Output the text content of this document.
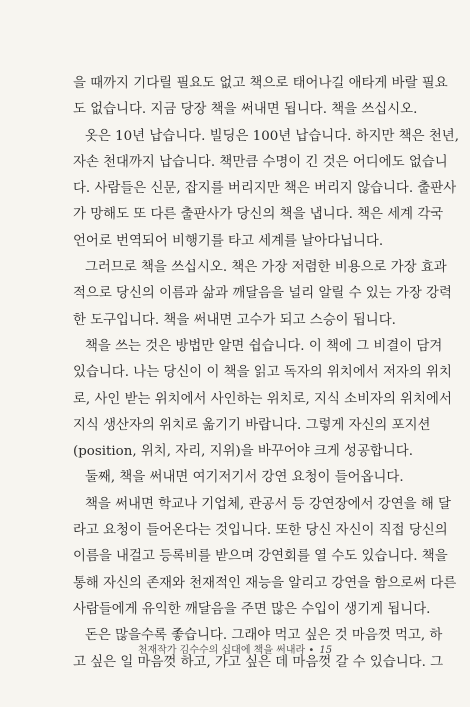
을 때까지 기다릴 필요도 없고 책으로 태어나길 애타게 바랄 필요
도 없습니다. 지금 당장 책을 써내면 됩니다. 책을 쓰십시오.
옷은 10년 납습니다. 빌딩은 100년 납습니다. 하지만 책은 천년,
자손 천대까지 납습니다. 책만큼 수명이 긴 것은 어디에도 없습니
다. 사람들은 신문, 잡지를 버리지만 책은 버리지 않습니다. 출판사
가 망해도 또 다른 출판사가 당신의 책을 냅니다. 책은 세계 각국
언어로 번역되어 비행기를 타고 세계를 날아다닙니다.
그러므로 책을 쓰십시오. 책은 가장 저렴한 비용으로 가장 효과
적으로 당신의 이름과 삶과 깨달음을 널리 알릴 수 있는 가장 강력
한 도구입니다. 책을 써내면 고수가 되고 스승이 됩니다.
책을 쓰는 것은 방법만 알면 쉽습니다. 이 책에 그 비결이 담겨
있습니다. 나는 당신이 이 책을 읽고 독자의 위치에서 저자의 위치
로, 사인 받는 위치에서 사인하는 위치로, 지식 소비자의 위치에서
지식 생산자의 위치로 옮기기 바랍니다. 그렇게 자신의 포지션
(position, 위치, 자리, 지위)을 바꾸어야 크게 성공합니다.
둘째, 책을 써내면 여기저기서 강연 요청이 들어옵니다.
책을 써내면 학교나 기업체, 관공서 등 강연장에서 강연을 해 달
라고 요청이 들어온다는 것입니다. 또한 당신 자신이 직접 당신의
이름을 내걸고 등록비를 받으며 강연회를 열 수도 있습니다. 책을
통해 자신의 존재와 천재적인 재능을 알리고 강연을 함으로써 다른
사람들에게 유익한 깨달음을 주면 많은 수입이 생기게 됩니다.
돈은 많을수록 좋습니다. 그래야 먹고 싶은 것 마음껏 먹고, 하
고 싶은 일 마음껏 하고, 가고 싶은 데 마음껏 갈 수 있습니다. 그
천재작가 김수수의 십대에 책을 써내라 • 15
